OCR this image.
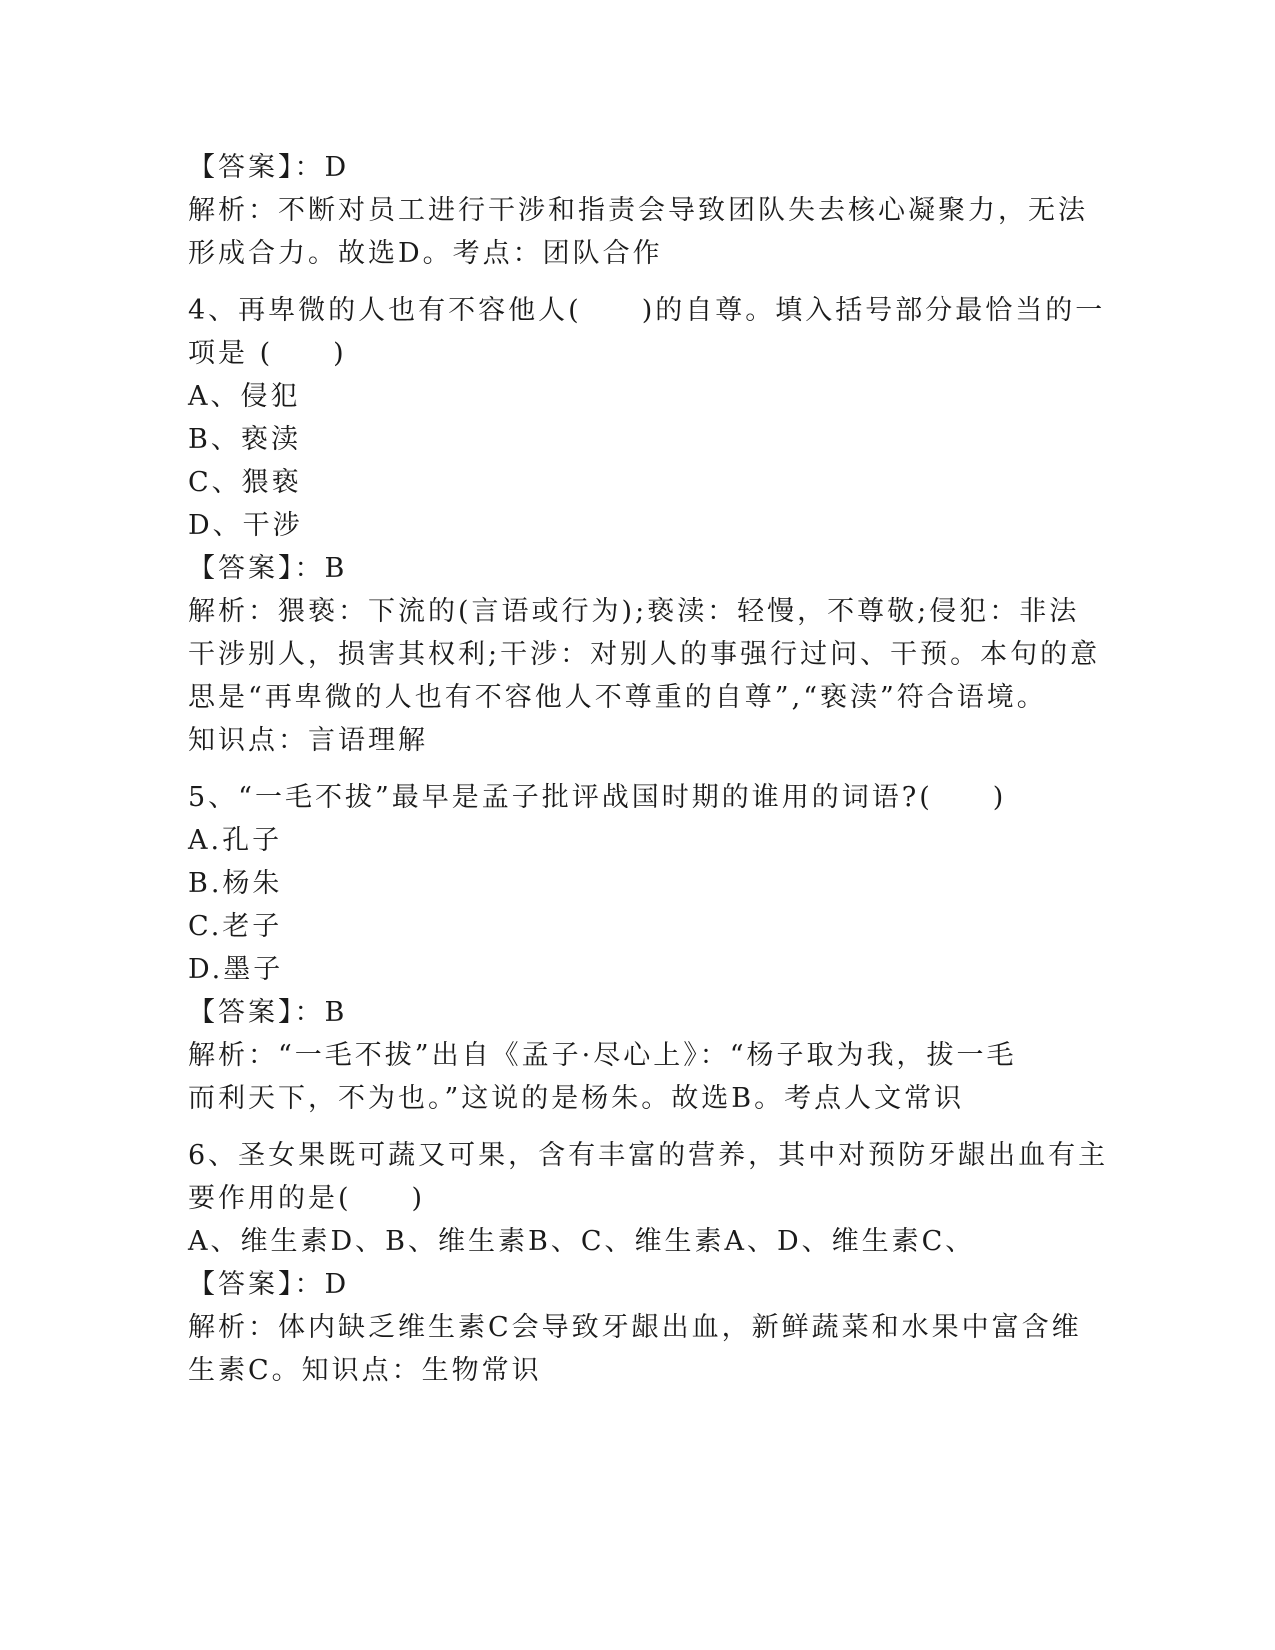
【答案】：D

解析：不断对员工进行干涉和指责会导致团队失去核心凝聚力，无法

形成合力。故选D。考点：团队合作

4、再卑微的人也有不容他人(　　)的自尊。填入括号部分最恰当的一

项是 (　　)

A、侵犯

B、亵渎

C、猥亵

D、干涉

【答案】：B

解析：猥亵：下流的(言语或行为);亵渎：轻慢，不尊敬;侵犯：非法

干涉别人，损害其权利;干涉：对别人的事强行过问、干预。本句的意

思是“再卑微的人也有不容他人不尊重的自尊”,“亵渎”符合语境。

知识点：言语理解

5、“一毛不拔”最早是孟子批评战国时期的谁用的词语?(　　)

A.孔子

B.杨朱

C.老子

D.墨子

【答案】：B

解析：“一毛不拔”出自《孟子·尽心上》：“杨子取为我，拔一毛

而利天下，不为也。”这说的是杨朱。故选B。考点人文常识

6、圣女果既可蔬又可果，含有丰富的营养，其中对预防牙龈出血有主

要作用的是(　　)

A、维生素D、B、维生素B、C、维生素A、D、维生素C、

【答案】：D

解析：体内缺乏维生素C会导致牙龈出血，新鲜蔬菜和水果中富含维

生素C。知识点：生物常识
